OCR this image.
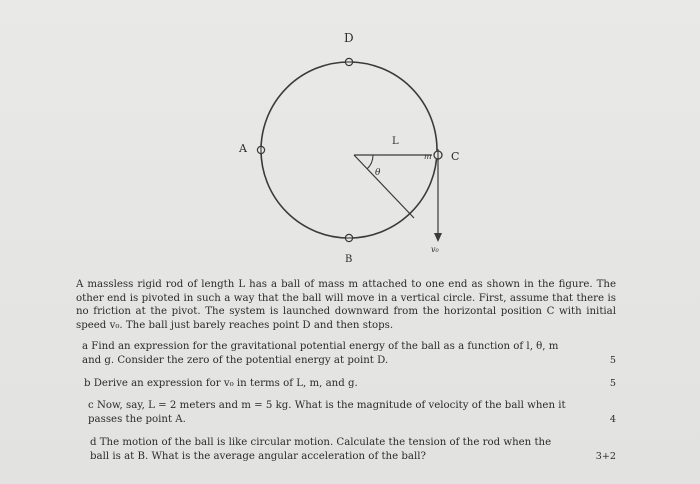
D
A
C
B
L
θ
m
v₀

A massless rigid rod of length L has a ball of mass m attached to one end as shown in the figure. The other end is pivoted in such a way that the ball will move in a vertical circle. First, assume that there is no friction at the pivot. The system is launched downward from the horizontal position C with initial speed v₀. The ball just barely reaches point D and then stops.

a Find an expression for the gravitational potential energy of the ball as a function of l, θ, m and g. Consider the zero of the potential energy at point D.	5
b Derive an expression for v₀ in terms of L, m, and g.	5
c Now, say, L = 2 meters and m = 5 kg. What is the magnitude of velocity of the ball when it passes the point A.	4
d The motion of the ball is like circular motion. Calculate the tension of the rod when the ball is at B. What is the average angular acceleration of the ball?	3+2
